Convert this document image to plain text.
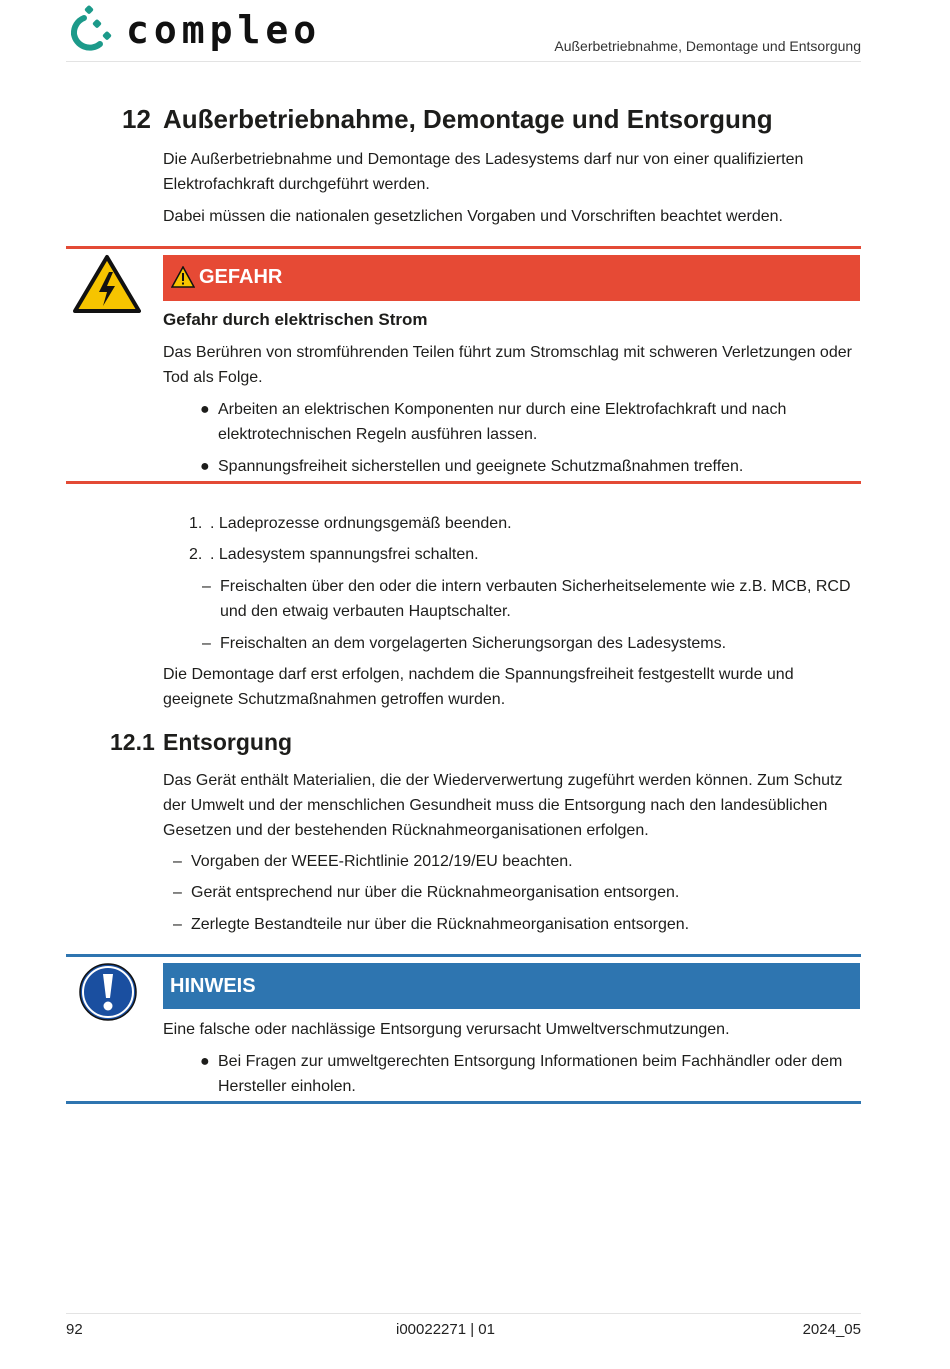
compleo	Außerbetriebnahme, Demontage und Entsorgung
12 Außerbetriebnahme, Demontage und Entsorgung
Die Außerbetriebnahme und Demontage des Ladesystems darf nur von einer qualifizierten Elektrofachkraft durchgeführt werden.
Dabei müssen die nationalen gesetzlichen Vorgaben und Vorschriften beachtet werden.
GEFAHR
Gefahr durch elektrischen Strom
Das Berühren von stromführenden Teilen führt zum Stromschlag mit schweren Verletzungen oder Tod als Folge.
● Arbeiten an elektrischen Komponenten nur durch eine Elektrofachkraft und nach elektrotechnischen Regeln ausführen lassen.
● Spannungsfreiheit sicherstellen und geeignete Schutzmaßnahmen treffen.
1. . Ladeprozesse ordnungsgemäß beenden.
2. . Ladesystem spannungsfrei schalten.
– Freischalten über den oder die intern verbauten Sicherheitselemente wie z.B. MCB, RCD und den etwaig verbauten Hauptschalter.
– Freischalten an dem vorgelagerten Sicherungsorgan des Ladesystems.
Die Demontage darf erst erfolgen, nachdem die Spannungsfreiheit festgestellt wurde und geeignete Schutzmaßnahmen getroffen wurden.
12.1 Entsorgung
Das Gerät enthält Materialien, die der Wiederverwertung zugeführt werden können. Zum Schutz der Umwelt und der menschlichen Gesundheit muss die Entsorgung nach den landesüblichen Gesetzen und der bestehenden Rücknahmeorganisationen erfolgen.
– Vorgaben der WEEE-Richtlinie 2012/19/EU beachten.
– Gerät entsprechend nur über die Rücknahmeorganisation entsorgen.
– Zerlegte Bestandteile nur über die Rücknahmeorganisation entsorgen.
HINWEIS
Eine falsche oder nachlässige Entsorgung verursacht Umweltverschmutzungen.
● Bei Fragen zur umweltgerechten Entsorgung Informationen beim Fachhändler oder dem Hersteller einholen.
92	i00022271 | 01	2024_05
